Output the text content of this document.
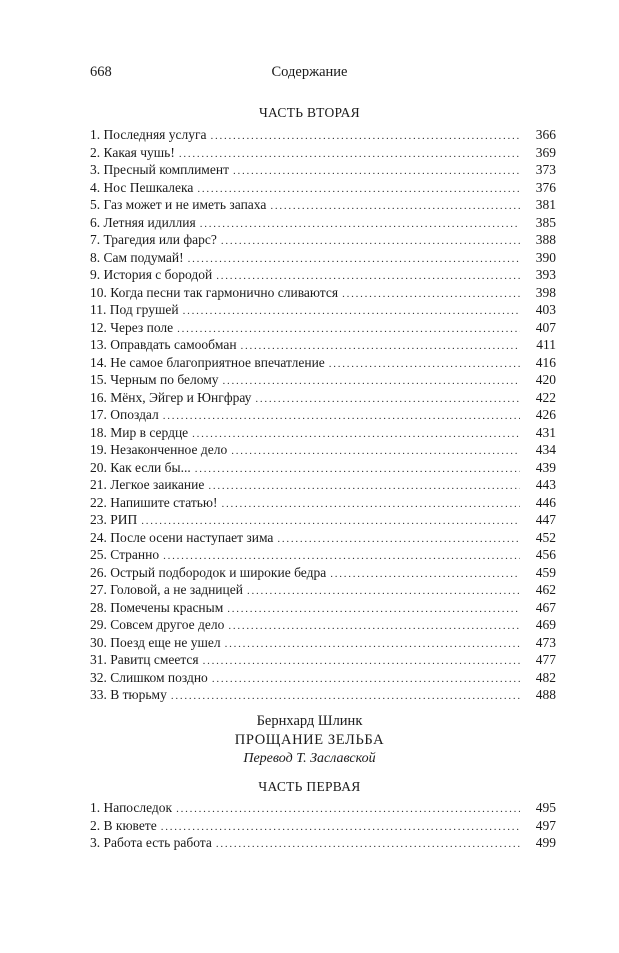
668	Содержание
ЧАСТЬ ВТОРАЯ
1. Последняя услуга . . .	366
2. Какая чушь! . . .	369
3. Пресный комплимент . . .	373
4. Нос Пешкалека . . .	376
5. Газ может и не иметь запаха . . .	381
6. Летняя идиллия . . .	385
7. Трагедия или фарс? . . .	388
8. Сам подумай! . . .	390
9. История с бородой . . .	393
10. Когда песни так гармонично сливаются . . .	398
11. Под грушей . . .	403
12. Через поле . . .	407
13. Оправдать самообман . . .	411
14. Не самое благоприятное впечатление . . .	416
15. Черным по белому . . .	420
16. Мёнх, Эйгер и Юнгфрау . . .	422
17. Опоздал . . .	426
18. Мир в сердце . . .	431
19. Незаконченное дело . . .	434
20. Как если бы... . . .	439
21. Легкое заикание . . .	443
22. Напишите статью! . . .	446
23. РИП . . .	447
24. После осени наступает зима . . .	452
25. Странно . . .	456
26. Острый подбородок и широкие бедра . . .	459
27. Головой, а не задницей . . .	462
28. Помечены красным . . .	467
29. Совсем другое дело . . .	469
30. Поезд еще не ушел . . .	473
31. Равитц смеется . . .	477
32. Слишком поздно . . .	482
33. В тюрьму . . .	488
Бернхард Шлинк
ПРОЩАНИЕ ЗЕЛЬБА
Перевод Т. Заславской
ЧАСТЬ ПЕРВАЯ
1. Напоследок . . .	495
2. В кювете . . .	497
3. Работа есть работа . . .	499
